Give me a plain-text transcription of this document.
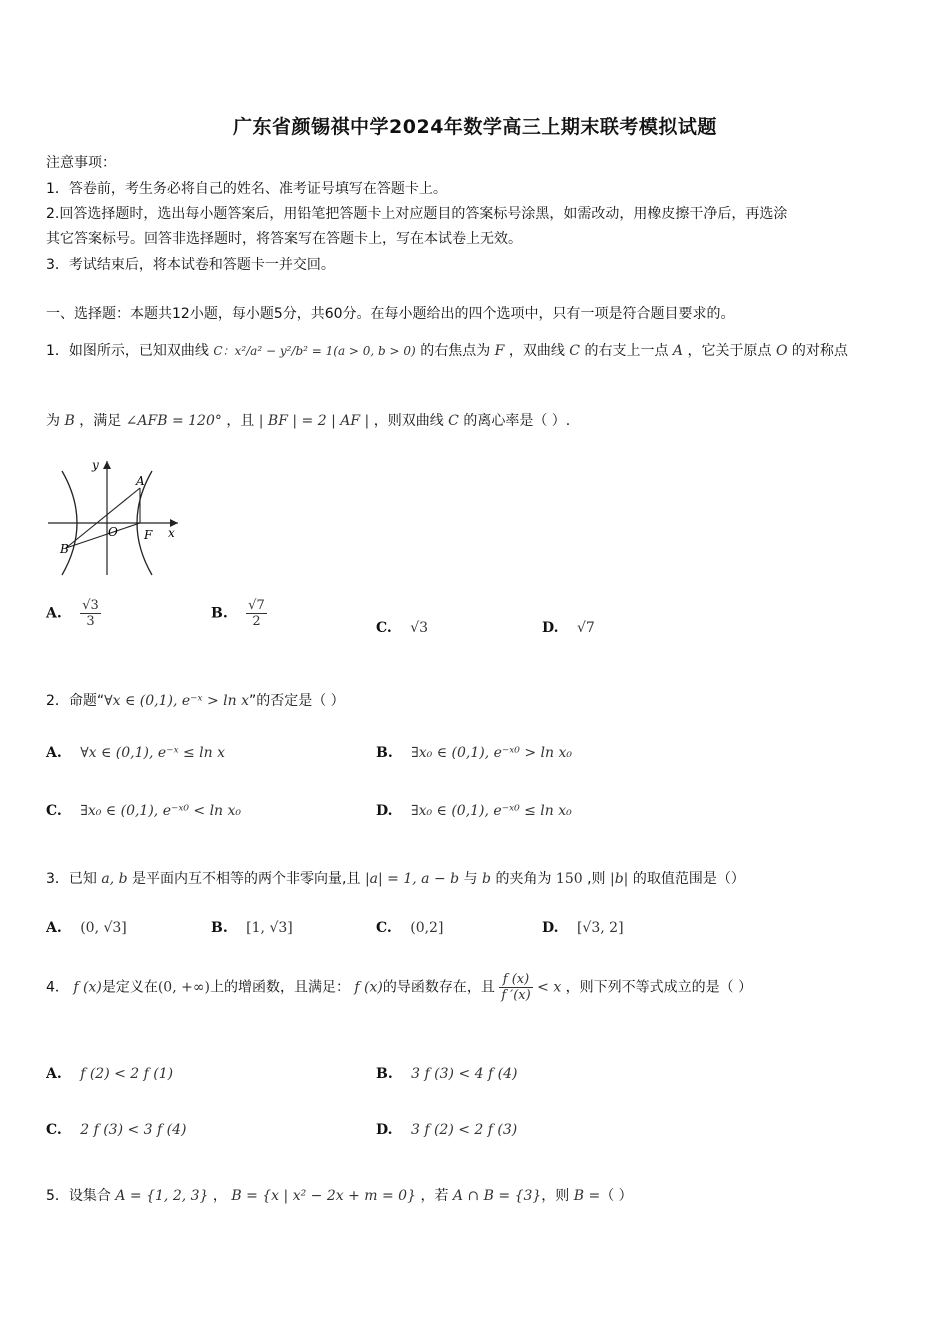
广东省颜锡祺中学2024年数学高三上期末联考模拟试题
注意事项：
1．答卷前，考生务必将自己的姓名、准考证号填写在答题卡上。
2.回答选择题时，选出每小题答案后，用铅笔把答题卡上对应题目的答案标号涂黑，如需改动，用橡皮擦干净后，再选涂
其它答案标号。回答非选择题时，将答案写在答题卡上，写在本试卷上无效。
3．考试结束后，将本试卷和答题卡一并交回。
一、选择题：本题共12小题，每小题5分，共60分。在每小题给出的四个选项中，只有一项是符合题目要求的。
1．如图所示，已知双曲线 C：x²/a² − y²/b² = 1(a > 0, b > 0) 的右焦点为 F ，双曲线 C 的右支上一点 A ，它关于原点 O 的对称点
为 B ，满足 ∠AFB = 120° ，且 | BF | = 2 | AF | ，则双曲线 C 的离心率是（ ）.
y
x
A
B
O F
A. $\frac{√3}{3}$	B. $\frac{√7}{2}$	C. √3	D. √7
2．命题“∀x ∈ (0,1), e⁻ˣ > ln x”的否定是（ ）
A. ∀x ∈ (0,1), e⁻ˣ ≤ ln x	B. ∃x₀ ∈ (0,1), e⁻ˣ⁰ > ln x₀
C. ∃x₀ ∈ (0,1), e⁻ˣ⁰ < ln x₀	D. ∃x₀ ∈ (0,1), e⁻ˣ⁰ ≤ ln x₀
3．已知 a, b 是平面内互不相等的两个非零向量,且 |a| = 1, a − b 与 b 的夹角为 150 ,则 |b| 的取值范围是（）
A. (0, √3]	B. [1, √3]	C. (0,2]	D. [√3, 2]
4． f (x)是定义在(0, +∞)上的增函数，且满足： f (x)的导函数存在，且 $\frac{f (x)}{f '(x)} < x$ ，则下列不等式成立的是（ ）
A. f (2) < 2 f (1)	B. 3 f (3) < 4 f (4)
C. 2 f (3) < 3 f (4)	D. 3 f (2) < 2 f (3)
5．设集合 A = {1, 2, 3} ， B = {x | x² − 2x + m = 0} ，若 A ∩ B = {3}，则 B =（ ）
